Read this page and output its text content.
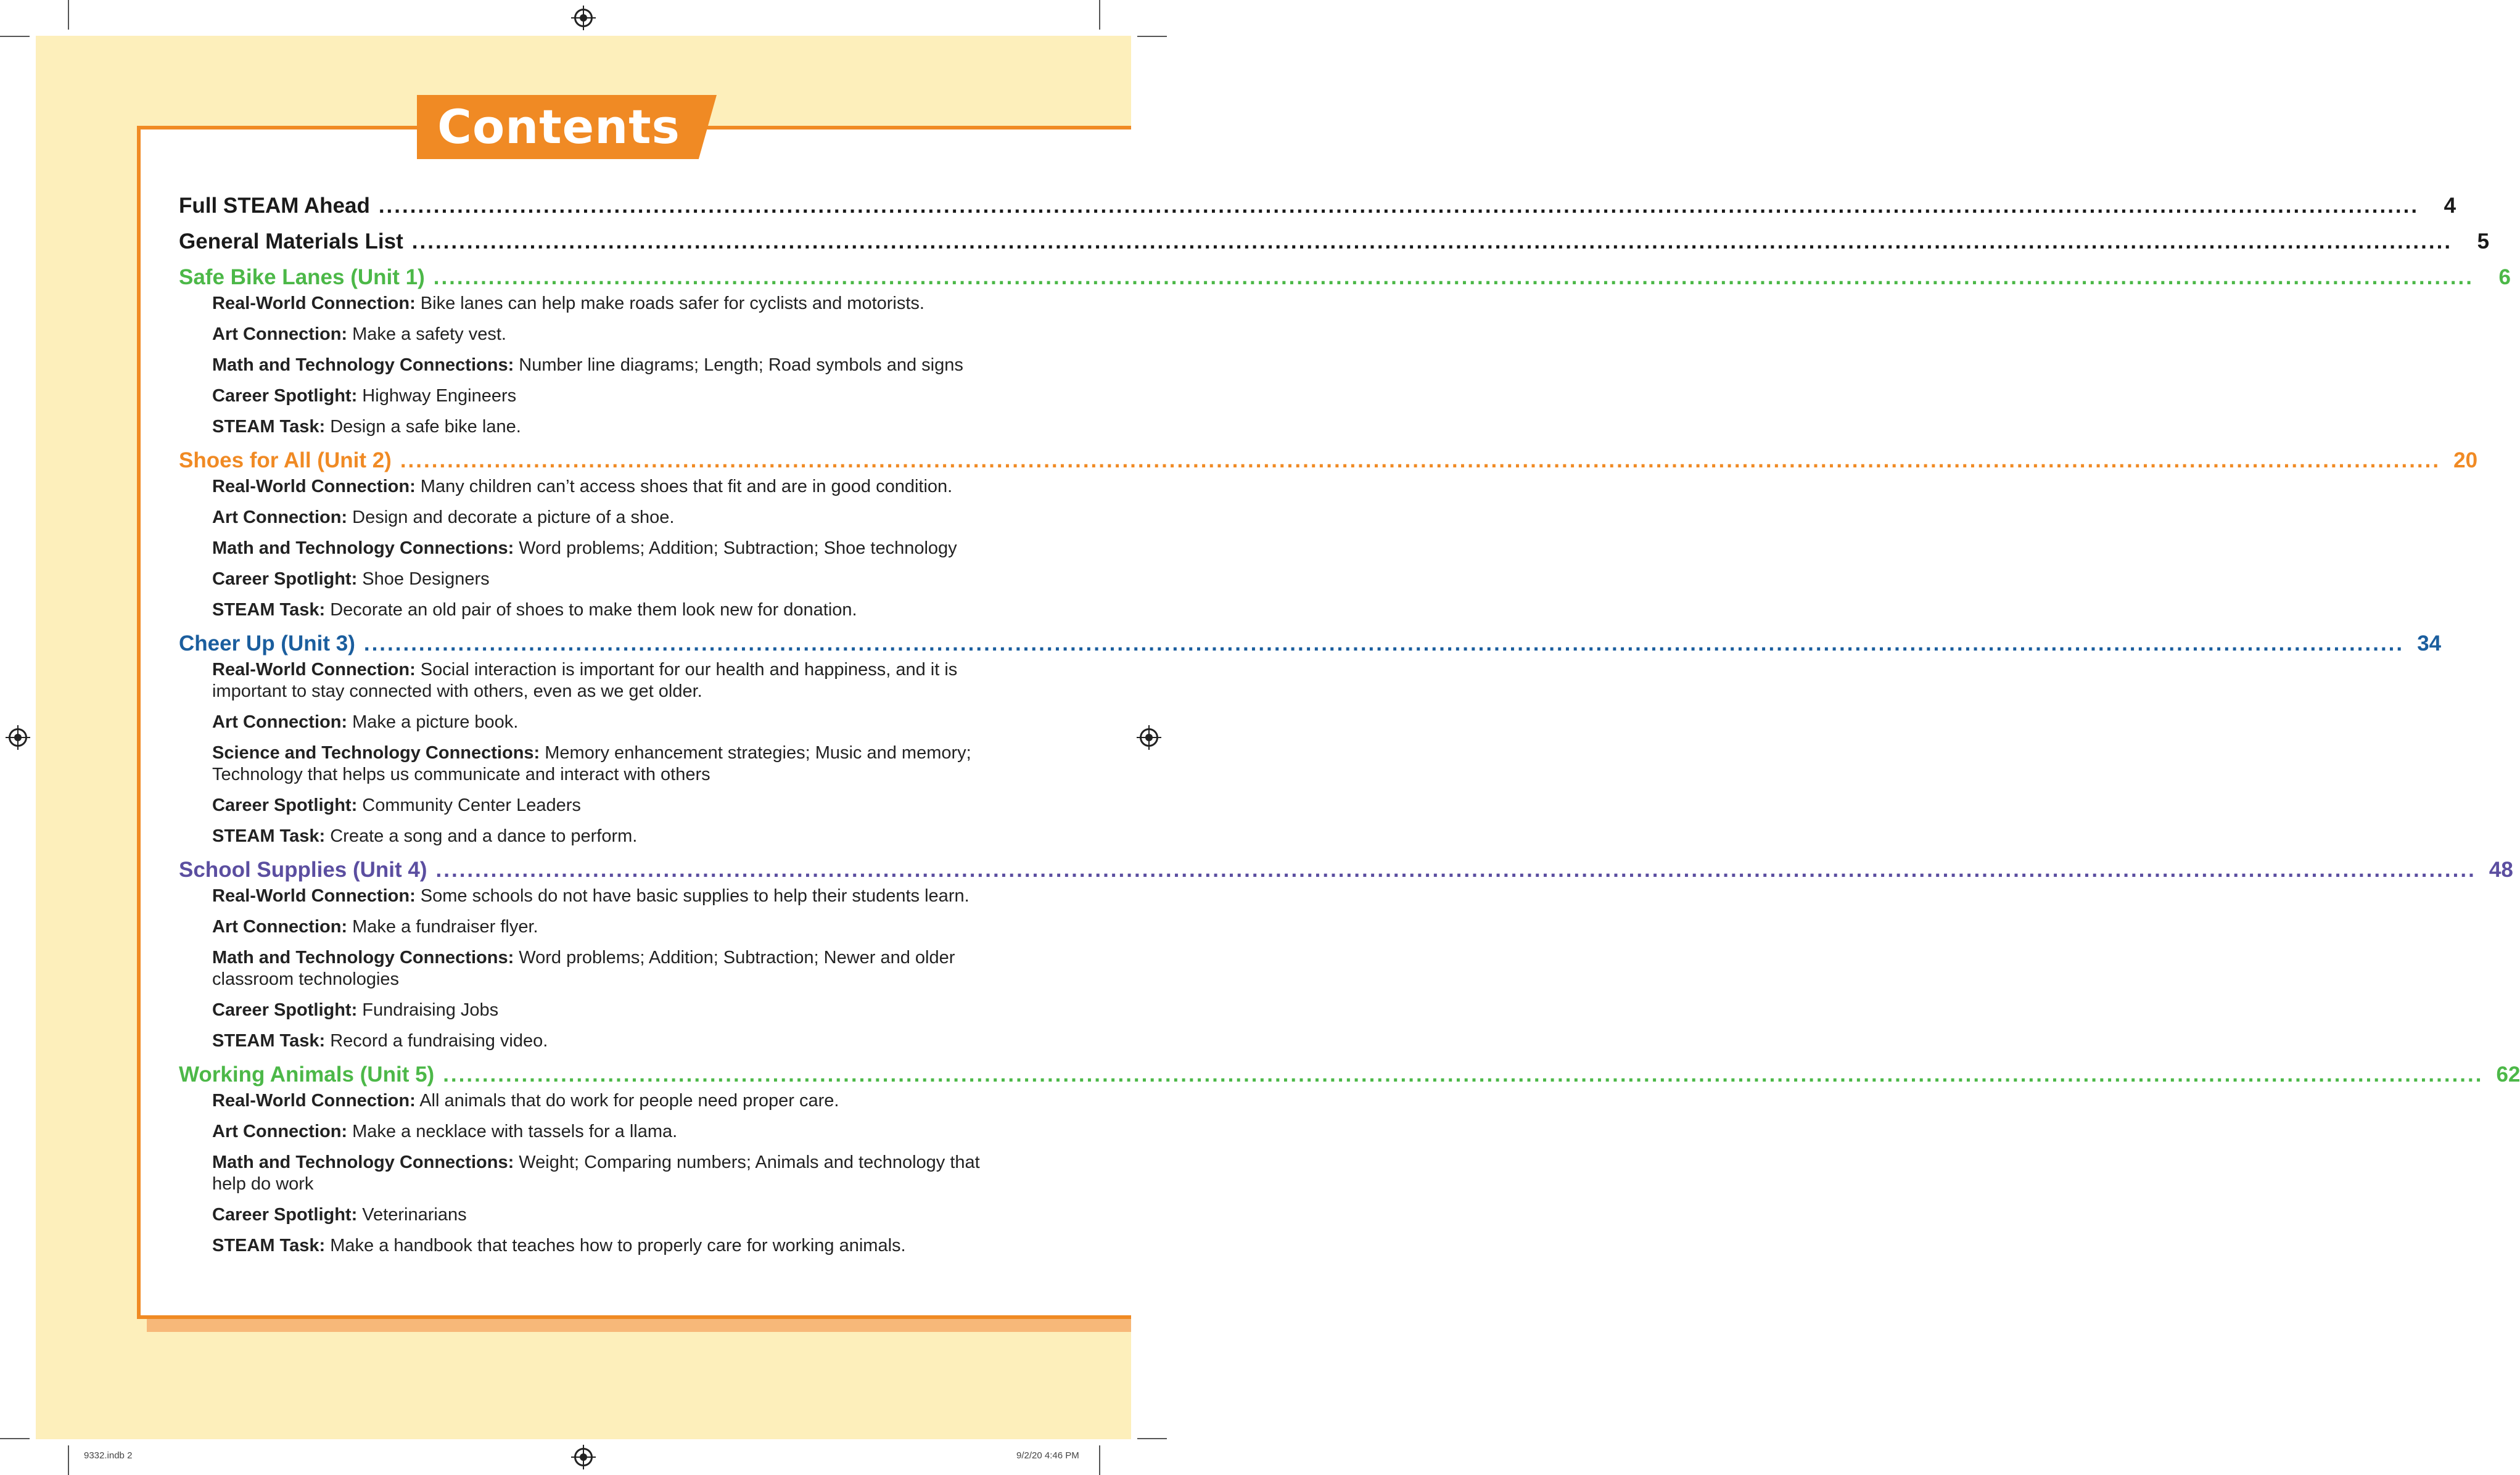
Contents
Full STEAM Ahead ....................................................................................................................................................................................................................................................................	4
General Materials List ....................................................................................................................................................................................................................................................................	5
Safe Bike Lanes (Unit 1) ....................................................................................................................................................................................................................................................................	6
Real-World Connection: Bike lanes can help make roads safer for cyclists and motorists.
Art Connection: Make a safety vest.
Math and Technology Connections: Number line diagrams; Length; Road symbols and signs
Career Spotlight: Highway Engineers
STEAM Task: Design a safe bike lane.
Shoes for All (Unit 2) .................................................................................................................................................................................................................................................................... 20
Real-World Connection: Many children can’t access shoes that fit and are in good condition.
Art Connection: Design and decorate a picture of a shoe.
Math and Technology Connections: Word problems; Addition; Subtraction; Shoe technology
Career Spotlight: Shoe Designers
STEAM Task: Decorate an old pair of shoes to make them look new for donation.
Cheer Up (Unit 3) .................................................................................................................................................................................................................................................................... 34
Real-World Connection: Social interaction is important for our health and happiness, and it is important to stay connected with others, even as we get older.
Art Connection: Make a picture book.
Science and Technology Connections: Memory enhancement strategies; Music and memory; Technology that helps us communicate and interact with others
Career Spotlight: Community Center Leaders
STEAM Task: Create a song and a dance to perform.
School Supplies (Unit 4) .................................................................................................................................................................................................................................................................... 48
Real-World Connection: Some schools do not have basic supplies to help their students learn.
Art Connection: Make a fundraiser flyer.
Math and Technology Connections: Word problems; Addition; Subtraction; Newer and older classroom technologies
Career Spotlight: Fundraising Jobs
STEAM Task: Record a fundraising video.
Working Animals (Unit 5) .................................................................................................................................................................................................................................................................... 62
Real-World Connection: All animals that do work for people need proper care.
Art Connection: Make a necklace with tassels for a llama.
Math and Technology Connections: Weight; Comparing numbers; Animals and technology that help do work
Career Spotlight: Veterinarians
STEAM Task: Make a handbook that teaches how to properly care for working animals.
9332.indb 2	9/2/20 4:46 PM
